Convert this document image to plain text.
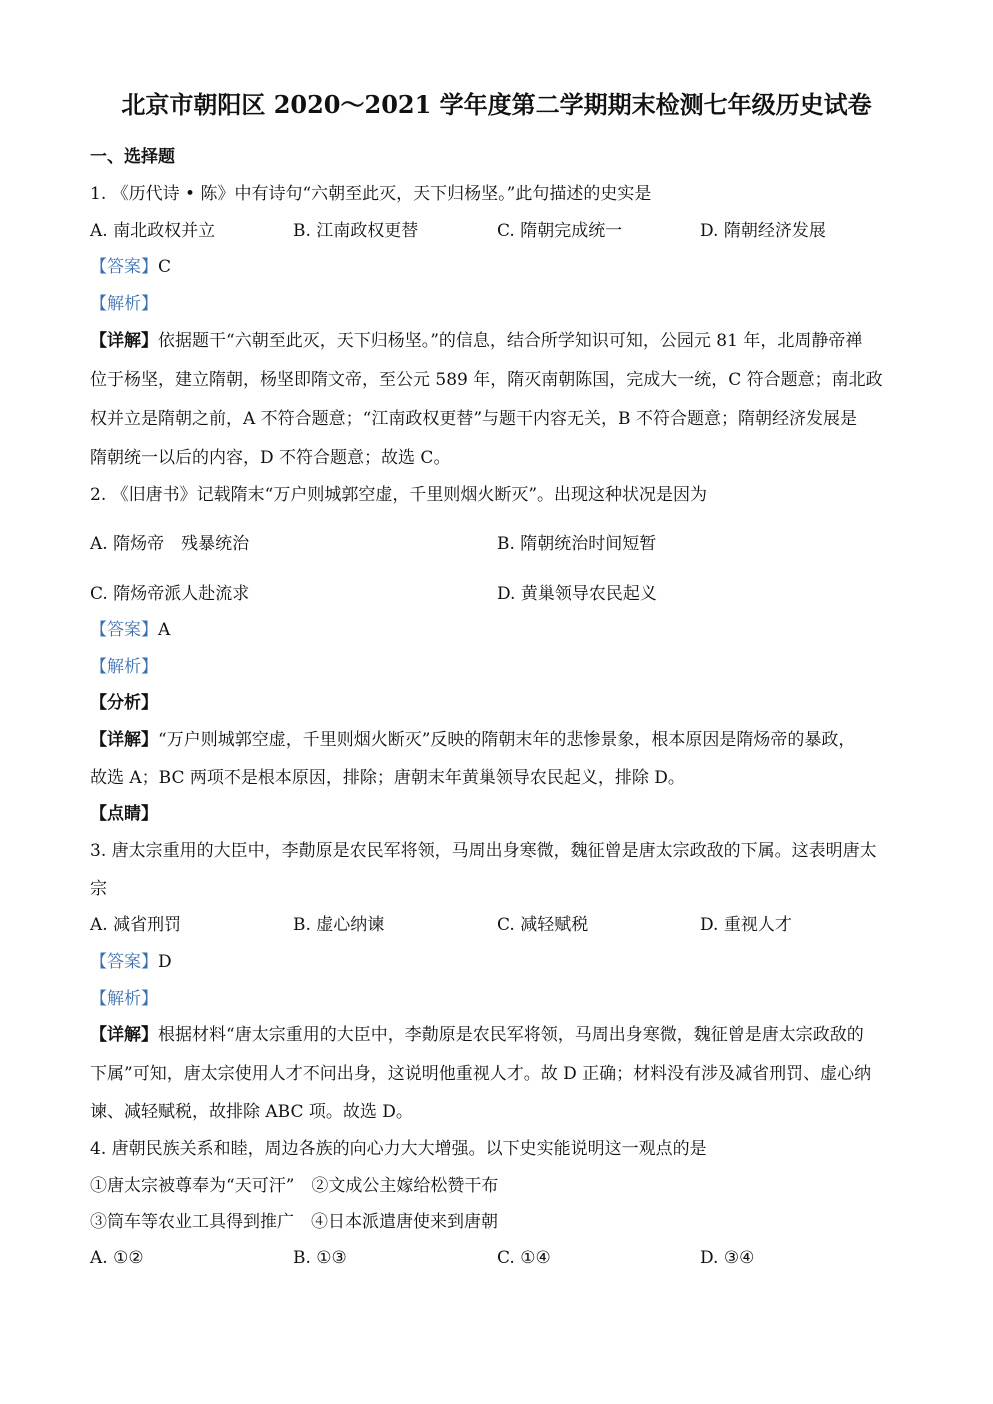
北京市朝阳区 2020～2021 学年度第二学期期末检测七年级历史试卷
一、选择题
1. 《历代诗 • 陈》中有诗句“六朝至此灭，天下归杨坚。”此句描述的史实是
A. 南北政权并立	B. 江南政权更替	C. 隋朝完成统一	D. 隋朝经济发展
【答案】C
【解析】
【详解】依据题干“六朝至此灭，天下归杨坚。”的信息，结合所学知识可知，公园元 81 年，北周静帝禅
位于杨坚，建立隋朝，杨坚即隋文帝，至公元 589 年，隋灭南朝陈国，完成大一统，C 符合题意；南北政
权并立是隋朝之前，A 不符合题意；“江南政权更替”与题干内容无关，B 不符合题意；隋朝经济发展是
隋朝统一以后的内容，D 不符合题意；故选 C。
2. 《旧唐书》记载隋末“万户则城郭空虚，千里则烟火断灭”。出现这种状况是因为
A. 隋炀帝　残暴统治	B. 隋朝统治时间短暂
C. 隋炀帝派人赴流求	D. 黄巢领导农民起义
【答案】A
【解析】
【分析】
【详解】“万户则城郭空虚，千里则烟火断灭”反映的隋朝末年的悲惨景象，根本原因是隋炀帝的暴政，
故选 A；BC 两项不是根本原因，排除；唐朝末年黄巢领导农民起义，排除 D。
【点睛】
3. 唐太宗重用的大臣中，李勣原是农民军将领，马周出身寒微，魏征曾是唐太宗政敌的下属。这表明唐太
宗
A. 减省刑罚	B. 虚心纳谏	C. 减轻赋税	D. 重视人才
【答案】D
【解析】
【详解】根据材料“唐太宗重用的大臣中，李勣原是农民军将领，马周出身寒微，魏征曾是唐太宗政敌的
下属”可知，唐太宗使用人才不问出身，这说明他重视人才。故 D 正确；材料没有涉及减省刑罚、虚心纳
谏、减轻赋税，故排除 ABC 项。故选 D。
4. 唐朝民族关系和睦，周边各族的向心力大大增强。以下史实能说明这一观点的是
①唐太宗被尊奉为“天可汗”　②文成公主嫁给松赞干布
③筒车等农业工具得到推广　④日本派遣唐使来到唐朝
A. ①②	B. ①③	C. ①④	D. ③④
